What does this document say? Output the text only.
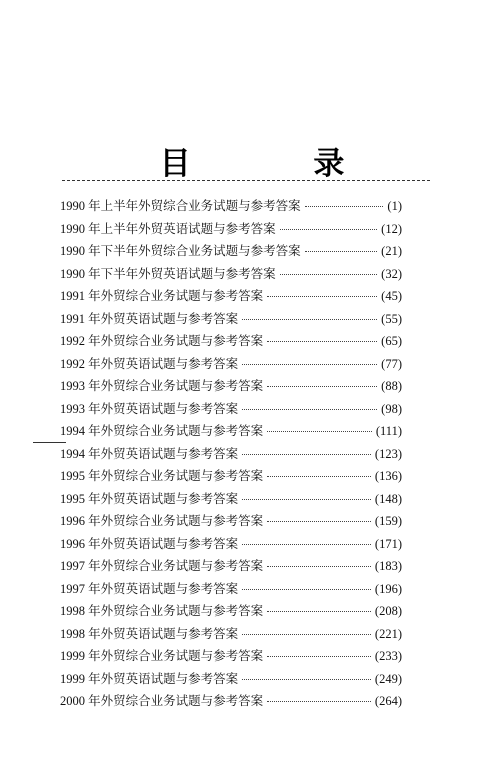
目 录
1990 年上半年外贸综合业务试题与参考答案	(1)
1990 年上半年外贸英语试题与参考答案	(12)
1990 年下半年外贸综合业务试题与参考答案	(21)
1990 年下半年外贸英语试题与参考答案	(32)
1991 年外贸综合业务试题与参考答案	(45)
1991 年外贸英语试题与参考答案	(55)
1992 年外贸综合业务试题与参考答案	(65)
1992 年外贸英语试题与参考答案	(77)
1993 年外贸综合业务试题与参考答案	(88)
1993 年外贸英语试题与参考答案	(98)
1994 年外贸综合业务试题与参考答案	(111)
1994 年外贸英语试题与参考答案	(123)
1995 年外贸综合业务试题与参考答案	(136)
1995 年外贸英语试题与参考答案	(148)
1996 年外贸综合业务试题与参考答案	(159)
1996 年外贸英语试题与参考答案	(171)
1997 年外贸综合业务试题与参考答案	(183)
1997 年外贸英语试题与参考答案	(196)
1998 年外贸综合业务试题与参考答案	(208)
1998 年外贸英语试题与参考答案	(221)
1999 年外贸综合业务试题与参考答案	(233)
1999 年外贸英语试题与参考答案	(249)
2000 年外贸综合业务试题与参考答案	(264)
